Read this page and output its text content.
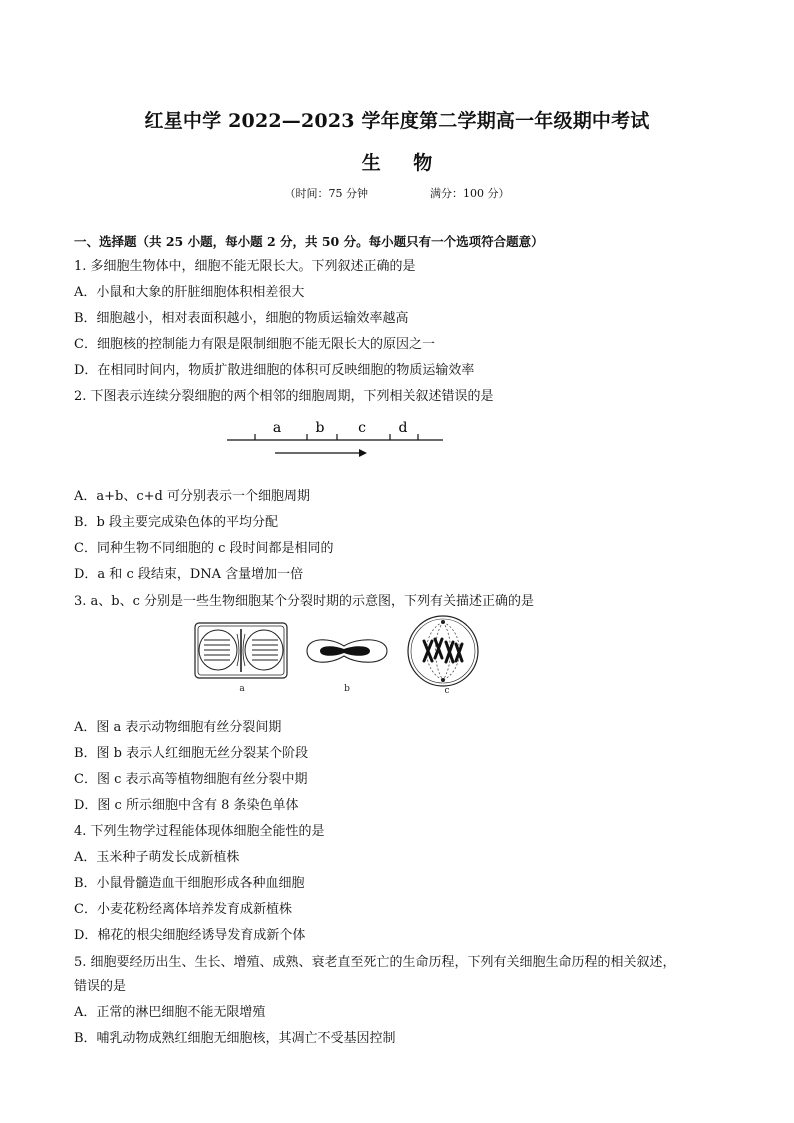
红星中学 2022—2023 学年度第二学期高一年级期中考试
生 物
（时间：75 分钟	满分：100 分）
一、选择题（共 25 小题，每小题 2 分，共 50 分。每小题只有一个选项符合题意）
1. 多细胞生物体中，细胞不能无限长大。下列叙述正确的是
A．小鼠和大象的肝脏细胞体积相差很大
B．细胞越小，相对表面积越小，细胞的物质运输效率越高
C．细胞核的控制能力有限是限制细胞不能无限长大的原因之一
D．在相同时间内，物质扩散进细胞的体积可反映细胞的物质运输效率
2. 下图表示连续分裂细胞的两个相邻的细胞周期，下列相关叙述错误的是
a b c d
A．a+b、c+d 可分别表示一个细胞周期
B．b 段主要完成染色体的平均分配
C．同种生物不同细胞的 c 段时间都是相同的
D．a 和 c 段结束，DNA 含量增加一倍
3. a、b、c 分别是一些生物细胞某个分裂时期的示意图，下列有关描述正确的是
a	b	c
A．图 a 表示动物细胞有丝分裂间期
B．图 b 表示人红细胞无丝分裂某个阶段
C．图 c 表示高等植物细胞有丝分裂中期
D．图 c 所示细胞中含有 8 条染色单体
4. 下列生物学过程能体现体细胞全能性的是
A．玉米种子萌发长成新植株
B．小鼠骨髓造血干细胞形成各种血细胞
C．小麦花粉经离体培养发育成新植株
D．棉花的根尖细胞经诱导发育成新个体
5. 细胞要经历出生、生长、增殖、成熟、衰老直至死亡的生命历程，下列有关细胞生命历程的相关叙述，
错误的是
A．正常的淋巴细胞不能无限增殖
B．哺乳动物成熟红细胞无细胞核，其凋亡不受基因控制
